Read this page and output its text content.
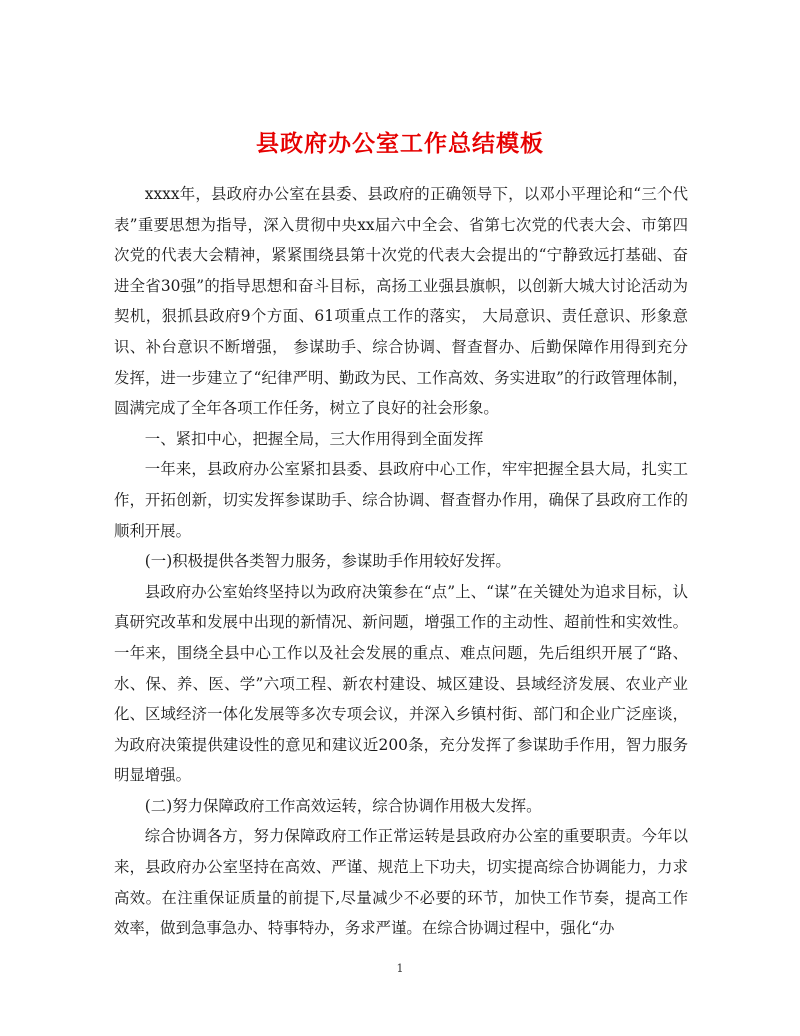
县政府办公室工作总结模板

xxxx年，县政府办公室在县委、县政府的正确领导下，以邓小平理论和“三个代表”重要思想为指导，深入贯彻中央xx届六中全会、省第七次党的代表大会、市第四次党的代表大会精神，紧紧围绕县第十次党的代表大会提出的“宁静致远打基础、奋进全省30强”的指导思想和奋斗目标，高扬工业强县旗帜，以创新大城大讨论活动为契机，狠抓县政府9个方面、61项重点工作的落实， 大局意识、责任意识、形象意识、补台意识不断增强， 参谋助手、综合协调、督查督办、后勤保障作用得到充分发挥，进一步建立了“纪律严明、勤政为民、工作高效、务实进取”的行政管理体制，圆满完成了全年各项工作任务，树立了良好的社会形象。

一、紧扣中心，把握全局，三大作用得到全面发挥

一年来，县政府办公室紧扣县委、县政府中心工作，牢牢把握全县大局，扎实工作，开拓创新，切实发挥参谋助手、综合协调、督查督办作用，确保了县政府工作的顺利开展。

(一)积极提供各类智力服务，参谋助手作用较好发挥。

县政府办公室始终坚持以为政府决策参在“点”上、“谋”在关键处为追求目标，认真研究改革和发展中出现的新情况、新问题，增强工作的主动性、超前性和实效性。一年来，围绕全县中心工作以及社会发展的重点、难点问题，先后组织开展了“路、水、保、养、医、学”六项工程、新农村建设、城区建设、县域经济发展、农业产业化、区域经济一体化发展等多次专项会议，并深入乡镇村街、部门和企业广泛座谈，为政府决策提供建设性的意见和建议近200条，充分发挥了参谋助手作用，智力服务明显增强。

(二)努力保障政府工作高效运转，综合协调作用极大发挥。

综合协调各方，努力保障政府工作正常运转是县政府办公室的重要职责。今年以来，县政府办公室坚持在高效、严谨、规范上下功夫，切实提高综合协调能力，力求高效。在注重保证质量的前提下,尽量减少不必要的环节，加快工作节奏，提高工作效率，做到急事急办、特事特办，务求严谨。在综合协调过程中，强化“办

1
